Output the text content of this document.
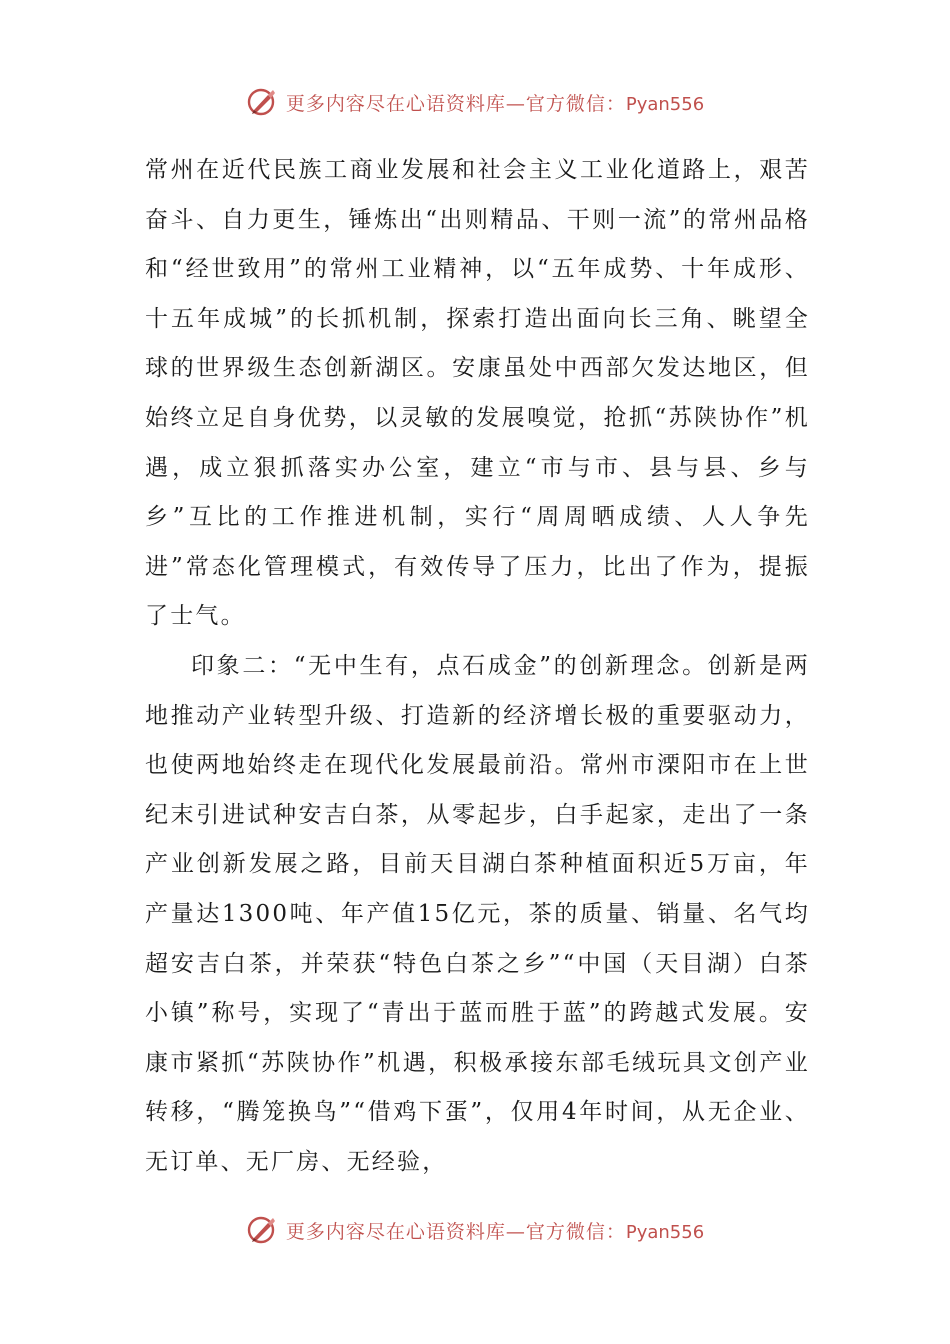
更多内容尽在心语资料库—官方微信：Pyan556

常州在近代民族工商业发展和社会主义工业化道路上，艰苦奋斗、自力更生，锤炼出“出则精品、干则一流”的常州品格和“经世致用”的常州工业精神，以“五年成势、十年成形、十五年成城”的长抓机制，探索打造出面向长三角、眺望全球的世界级生态创新湖区。安康虽处中西部欠发达地区，但始终立足自身优势，以灵敏的发展嗅觉，抢抓“苏陕协作”机遇，成立狠抓落实办公室，建立“市与市、县与县、乡与乡”互比的工作推进机制，实行“周周晒成绩、人人争先进”常态化管理模式，有效传导了压力，比出了作为，提振了士气。

印象二：“无中生有，点石成金”的创新理念。创新是两地推动产业转型升级、打造新的经济增长极的重要驱动力，也使两地始终走在现代化发展最前沿。常州市溧阳市在上世纪末引进试种安吉白茶，从零起步，白手起家，走出了一条产业创新发展之路，目前天目湖白茶种植面积近5万亩，年产量达1300吨、年产值15亿元，茶的质量、销量、名气均超安吉白茶，并荣获“特色白茶之乡”“中国（天目湖）白茶小镇”称号，实现了“青出于蓝而胜于蓝”的跨越式发展。安康市紧抓“苏陕协作”机遇，积极承接东部毛绒玩具文创产业转移，“腾笼换鸟”“借鸡下蛋”，仅用4年时间，从无企业、无订单、无厂房、无经验，

更多内容尽在心语资料库—官方微信：Pyan556
